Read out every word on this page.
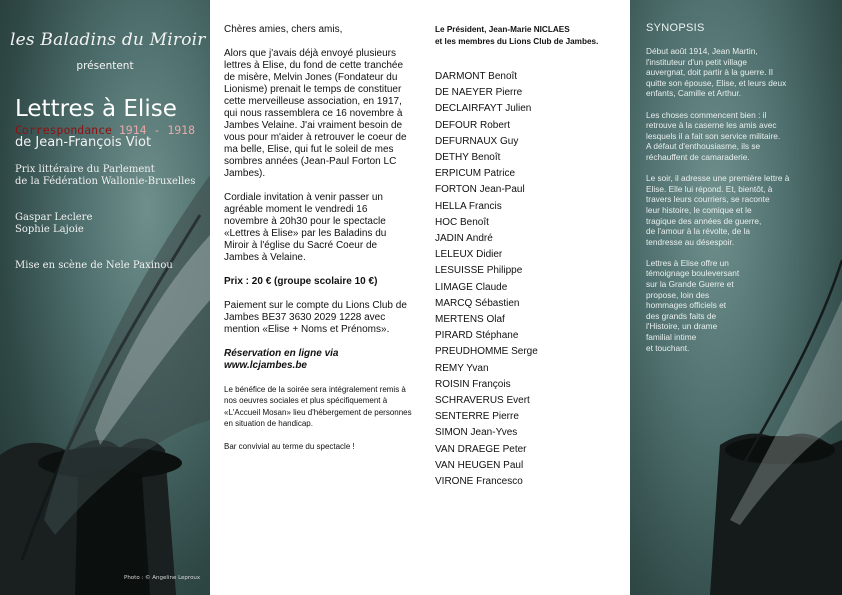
les Baladins du Miroir
présentent
Lettres à Elise
Correspondance 1914 - 1918
de Jean-François Viot
Prix littéraire du Parlement
de la Fédération Wallonie-Bruxelles
Gaspar Leclere
Sophie Lajoie
Mise en scène de Nele Paxinou
Photo : © Angeline Leproux

Chères amies, chers amis,

Alors que j'avais déjà envoyé plusieurs lettres à Elise, du fond de cette tranchée de misère, Melvin Jones (Fondateur du Lionisme) prenait le temps de constituer cette merveilleuse association, en 1917, qui nous rassemblera ce 16 novembre à Jambes Velaine. J'ai vraiment besoin de vous pour m'aider à retrouver le coeur de ma belle, Elise, qui fut le soleil de mes sombres années (Jean-Paul Forton LC Jambes).

Cordiale invitation à venir passer un agréable moment le vendredi 16 novembre à 20h30 pour le spectacle «Lettres à Elise» par les Baladins du Miroir à l'église du Sacré Coeur de Jambes à Velaine.

Prix : 20 € (groupe scolaire 10 €)

Paiement sur le compte du Lions Club de Jambes BE37 3630 2029 1228 avec mention «Elise + Noms et Prénoms».

Réservation en ligne via
www.lcjambes.be

Le bénéfice de la soirée sera intégralement remis à nos oeuvres sociales et plus spécifiquement à «L'Accueil Mosan» lieu d'hébergement de personnes en situation de handicap.

Bar convivial au terme du spectacle !

Le Président, Jean-Marie NICLAES
et les membres du Lions Club de Jambes.
DARMONT Benoît
DE NAEYER Pierre
DECLAIRFAYT Julien
DEFOUR Robert
DEFURNAUX Guy
DETHY Benoît
ERPICUM Patrice
FORTON Jean-Paul
HELLA Francis
HOC Benoît
JADIN André
LELEUX Didier
LESUISSE Philippe
LIMAGE Claude
MARCQ Sébastien
MERTENS Olaf
PIRARD Stéphane
PREUDHOMME Serge
REMY Yvan
ROISIN François
SCHRAVERUS Evert
SENTERRE Pierre
SIMON Jean-Yves
VAN DRAEGE Peter
VAN HEUGEN Paul
VIRONE Francesco
SYNOPSIS

Début août 1914, Jean Martin,
l'instituteur d'un petit village
auvergnat, doit partir à la guerre. Il
quitte son épouse, Elise, et leurs deux
enfants, Camille et Arthur.

Les choses commencent bien : il
retrouve à la caserne les amis avec
lesquels il a fait son service militaire.
A défaut d'enthousiasme, ils se
réchauffent de camaraderie.

Le soir, il adresse une première lettre à
Elise. Elle lui répond. Et, bientôt, à
travers leurs courriers, se raconte
leur histoire, le comique et le
tragique des années de guerre,
de l'amour à la révolte, de la
tendresse au désespoir.

Lettres à Elise offre un
témoignage bouleversant
sur la Grande Guerre et
propose, loin des
hommages officiels et
des grands faits de
l'Histoire, un drame
familial intime
et touchant.
